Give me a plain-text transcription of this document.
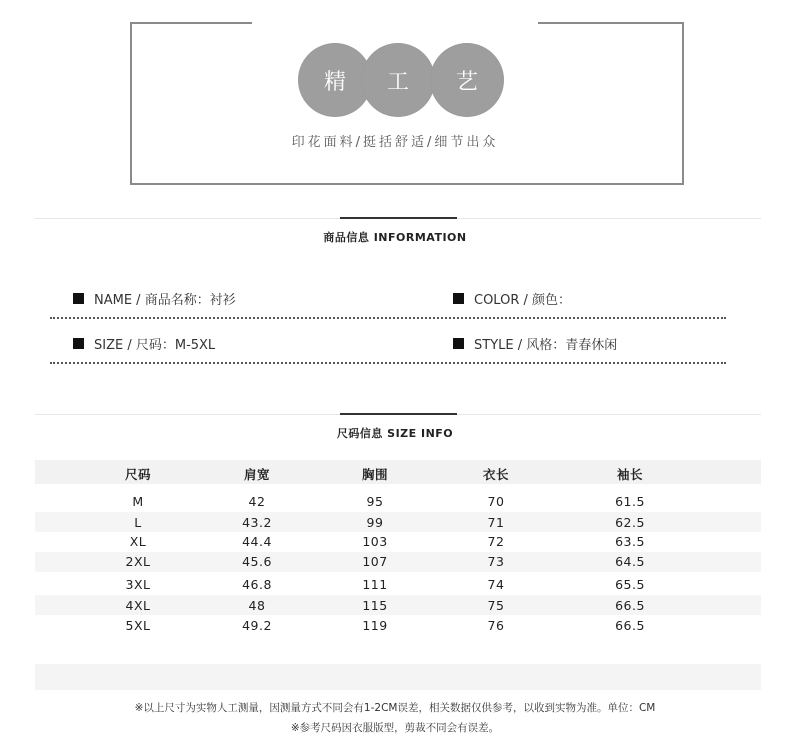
精	工	艺
印花面料/挺括舒适/细节出众
商品信息 INFORMATION
NAME / 商品名称：衬衫	COLOR / 颜色：
SIZE / 尺码：M-5XL	STYLE / 风格：青春休闲
尺码信息 SIZE INFO
尺码	肩宽	胸围	衣长	袖长
M	42	95	70	61.5
L	43.2	99	71	62.5
XL	44.4	103	72	63.5
2XL	45.6	107	73	64.5
3XL	46.8	111	74	65.5
4XL	48	115	75	66.5
5XL	49.2	119	76	66.5
※以上尺寸为实物人工测量，因测量方式不同会有1-2CM误差，相关数据仅供参考，以收到实物为准。单位：CM
※参考尺码因衣服版型，剪裁不同会有误差。
